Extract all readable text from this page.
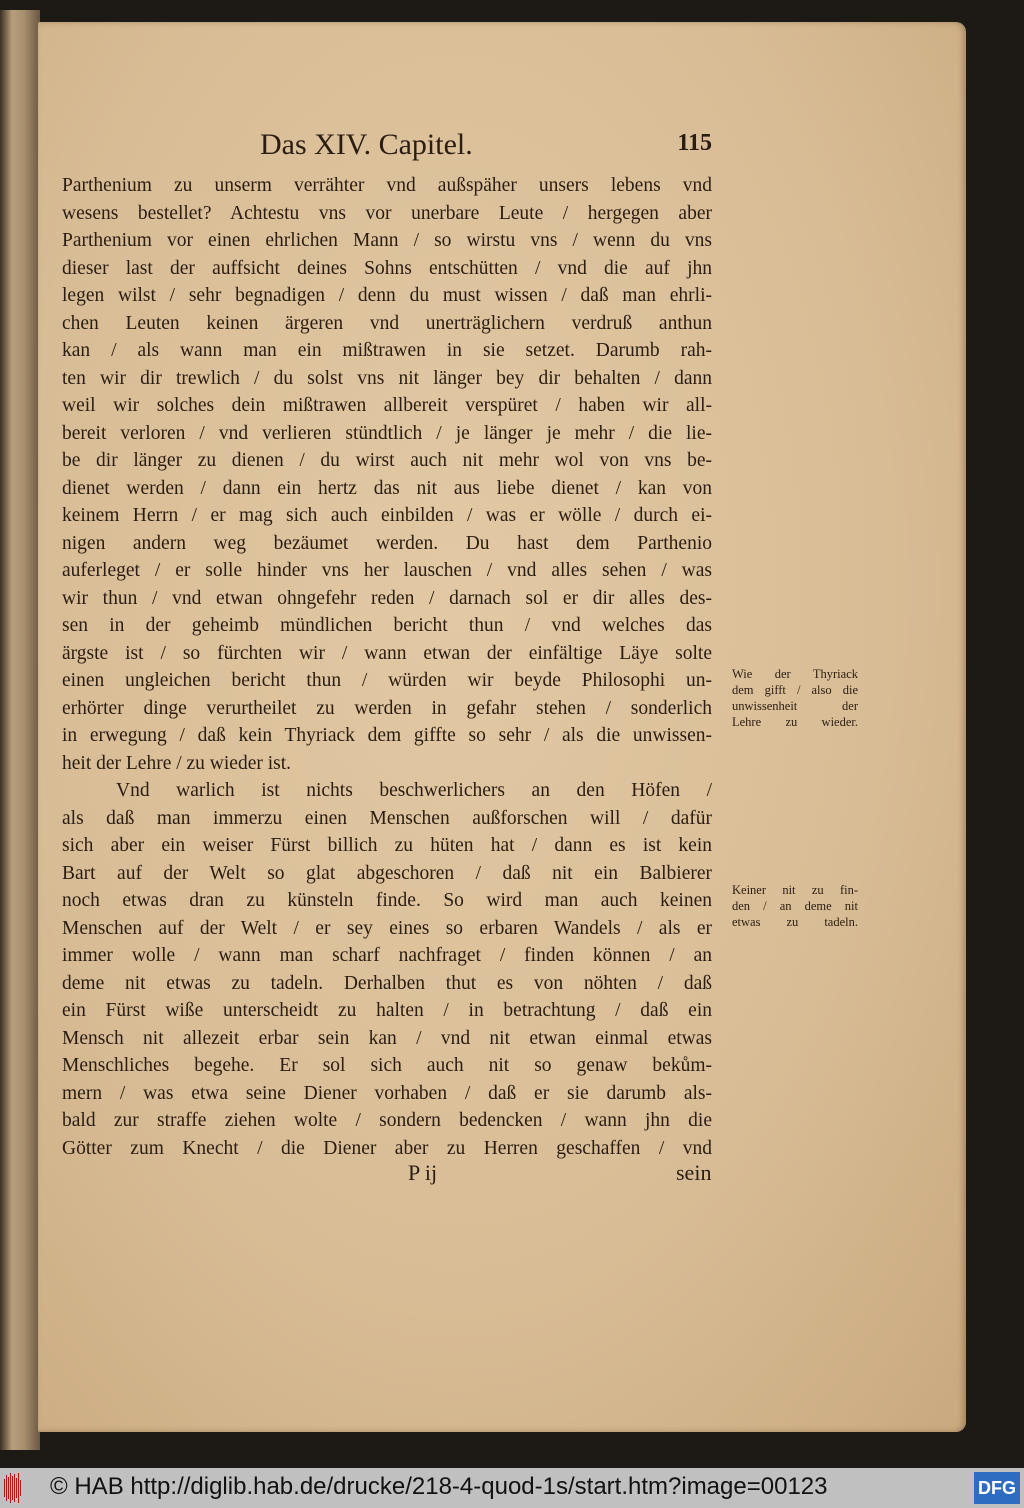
Das XIV. Capitel.	115
Parthenium zu unserm verrähter vnd außspäher unsers lebens vnd
wesens bestellet? Achtestu vns vor unerbare Leute / hergegen aber
Parthenium vor einen ehrlichen Mann / so wirstu vns / wenn du vns
dieser last der auffsicht deines Sohns entschütten / vnd die auf jhn
legen wilst / sehr begnadigen / denn du must wissen / daß man ehrli-
chen Leuten keinen ärgeren vnd unerträglichern verdruß anthun
kan / als wann man ein mißtrawen in sie setzet. Darumb rah-
ten wir dir trewlich / du solst vns nit länger bey dir behalten / dann
weil wir solches dein mißtrawen allbereit verspüret / haben wir all-
bereit verloren / vnd verlieren stündtlich / je länger je mehr / die lie-
be dir länger zu dienen / du wirst auch nit mehr wol von vns be-
dienet werden / dann ein hertz das nit aus liebe dienet / kan von
keinem Herrn / er mag sich auch einbilden / was er wölle / durch ei-
nigen andern weg bezäumet werden. Du hast dem Parthenio
auferleget / er solle hinder vns her lauschen / vnd alles sehen / was
wir thun / vnd etwan ohngefehr reden / darnach sol er dir alles des-
sen in der geheimb mündlichen bericht thun / vnd welches das
ärgste ist / so fürchten wir / wann etwan der einfältige Läye solte
einen ungleichen bericht thun / würden wir beyde Philosophi un-
erhörter dinge verurtheilet zu werden in gefahr stehen / sonderlich
in erwegung / daß kein Thyriack dem giffte so sehr / als die unwissen-
heit der Lehre / zu wieder ist.
Vnd warlich ist nichts beschwerlichers an den Höfen /
als daß man immerzu einen Menschen außforschen will / dafür
sich aber ein weiser Fürst billich zu hüten hat / dann es ist kein
Bart auf der Welt so glat abgeschoren / daß nit ein Balbierer
noch etwas dran zu künsteln finde. So wird man auch keinen
Menschen auf der Welt / er sey eines so erbaren Wandels / als er
immer wolle / wann man scharf nachfraget / finden können / an
deme nit etwas zu tadeln. Derhalben thut es von nöhten / daß
ein Fürst wiße unterscheidt zu halten / in betrachtung / daß ein
Mensch nit allezeit erbar sein kan / vnd nit etwan einmal etwas
Menschliches begehe. Er sol sich auch nit so genaw bekům-
mern / was etwa seine Diener vorhaben / daß er sie darumb als-
bald zur straffe ziehen wolte / sondern bedencken / wann jhn die
Götter zum Knecht / die Diener aber zu Herren geschaffen / vnd
Wie der Thyriack
dem gifft / also die
unwissenheit der
Lehre zu wieder.
Keiner nit zu fin-
den / an deme nit
etwas zu tadeln.
P ij	sein
© HAB http://diglib.hab.de/drucke/218-4-quod-1s/start.htm?image=00123	DFG
